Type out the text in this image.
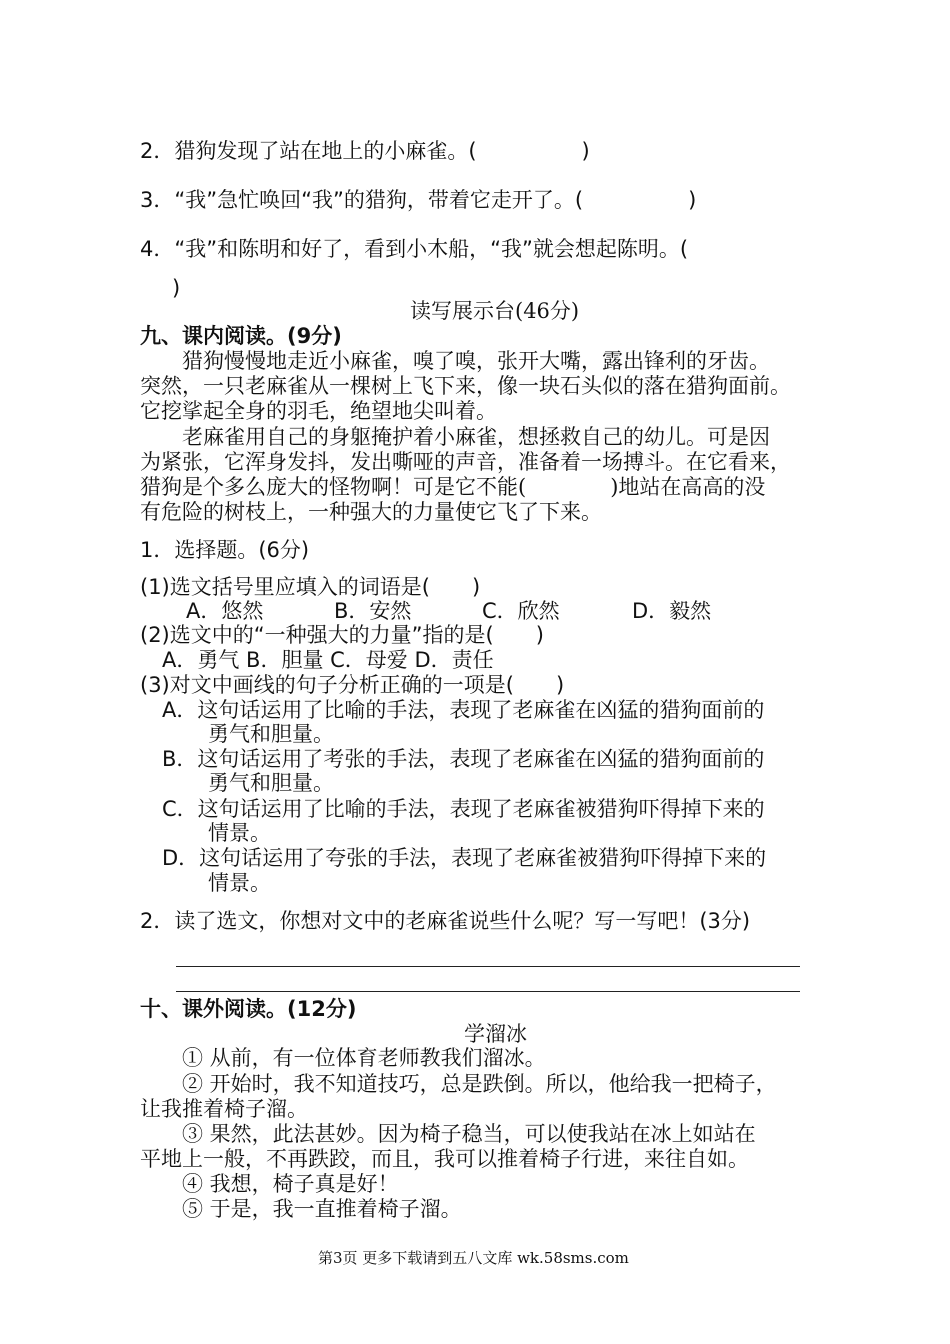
2．猎狗发现了站在地上的小麻雀。(　　　　　)
3．“我”急忙唤回“我”的猎狗，带着它走开了。(　　　　　)
4．“我”和陈明和好了，看到小木船，“我”就会想起陈明。(
)
读写展示台(46分)
九、课内阅读。(9分)
　　猎狗慢慢地走近小麻雀，嗅了嗅，张开大嘴，露出锋利的牙齿。
突然，一只老麻雀从一棵树上飞下来，像一块石头似的落在猎狗面前。
它挖挲起全身的羽毛，绝望地尖叫着。
　　老麻雀用自己的身躯掩护着小麻雀，想拯救自己的幼儿。可是因
为紧张，它浑身发抖，发出嘶哑的声音，准备着一场搏斗。在它看来，
猎狗是个多么庞大的怪物啊！可是它不能(　　　　)地站在高高的没
有危险的树枝上，一种强大的力量使它飞了下来。
1．选择题。(6分)
(1)选文括号里应填入的词语是(　　)
A．悠然	B．安然	C．欣然	D．毅然
(2)选文中的“一种强大的力量”指的是(　　)
A．勇气 B．胆量 C．母爱 D．责任
(3)对文中画线的句子分析正确的一项是(　　)
A．这句话运用了比喻的手法，表现了老麻雀在凶猛的猎狗面前的
勇气和胆量。
B．这句话运用了考张的手法，表现了老麻雀在凶猛的猎狗面前的
勇气和胆量。
C．这句话运用了比喻的手法，表现了老麻雀被猎狗吓得掉下来的
情景。
D．这句话运用了夸张的手法，表现了老麻雀被猎狗吓得掉下来的
情景。
2．读了选文，你想对文中的老麻雀说些什么呢？写一写吧！(3分)
十、课外阅读。(12分)
学溜冰
　　① 从前，有一位体育老师教我们溜冰。
　　② 开始时，我不知道技巧，总是跌倒。所以，他给我一把椅子，
让我推着椅子溜。
　　③ 果然，此法甚妙。因为椅子稳当，可以使我站在冰上如站在
平地上一般，不再跌跤，而且，我可以推着椅子行进，来往自如。
　　④ 我想，椅子真是好！
　　⑤ 于是，我一直推着椅子溜。
第3页 更多下载请到五八文库 wk.58sms.com
